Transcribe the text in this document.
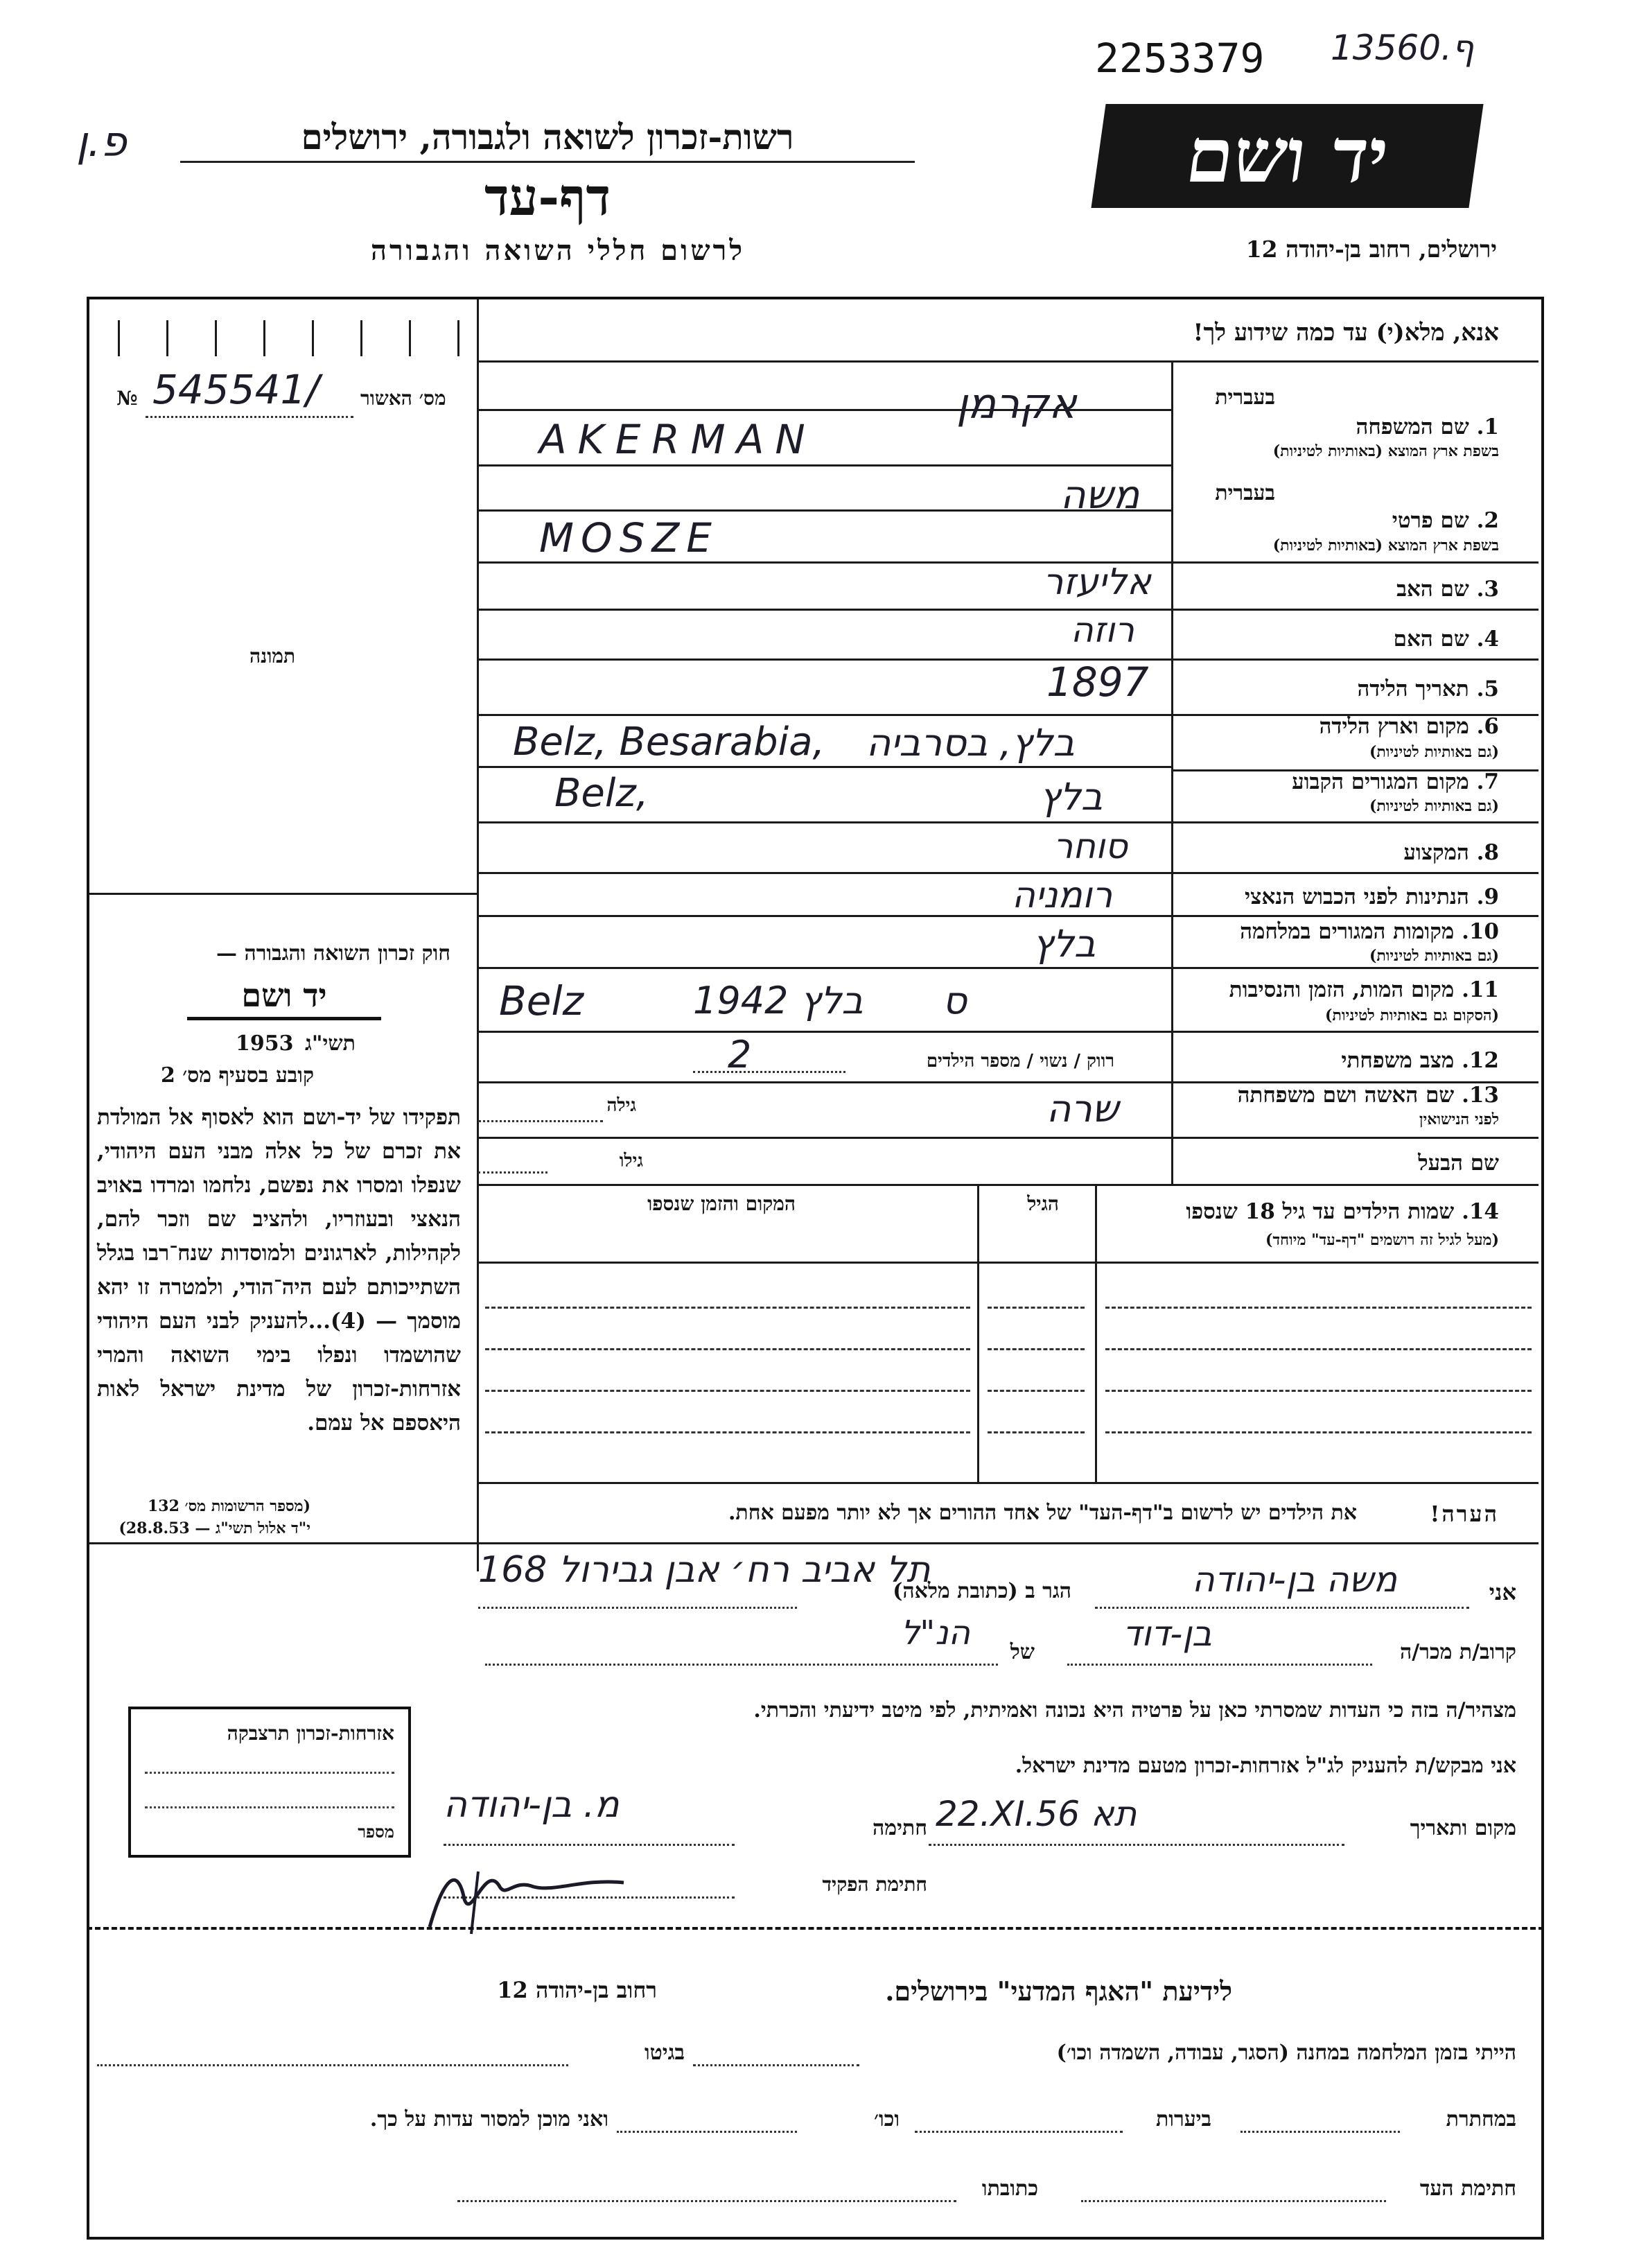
2253379 13ף.560
פ.ן	רשות-זכרון לשואה ולגבורה, ירושלים
דף-עד
לרשום חללי השואה והגבורה
יד ושם
ירושלים, רחוב בן-יהודה 12
מס׳ האשור
№ 545541/
תמונה
חוק זכרון השואה והגבורה —
יד ושם
תשי"ג
1953
קובע בסעיף מס׳ 2
תפקידו של יד-ושם הוא לאסוף אל המולדת את זכרם של כל אלה מבני העם היהודי, שנפלו ומסרו את נפשם, נלחמו ומרדו באויב הנאצי ובעוזריו, ולהציב שם וזכר להם, לקהילות, לארגונים ולמוסדות שנח־רבו בגלל השתייכותם לעם היה־הודי, ולמטרה זו יהא מוסמך — (4)...להעניק לבני העם היהודי שהושמדו ונפלו בימי השואה והמרי אזרחות-זכרון של מדינת ישראל לאות היאספם אל עמם.
(מספר הרשומות מס׳ 132
י"ד אלול תשי"ג — 28.8.53)
אנא, מלא(י) עד כמה שידוע לך!
בעברית
1. שם המשפחה
בשפת ארץ המוצא (באותיות לטיניות)
אקרמן
AKERMAN
בעברית
2. שם פרטי
בשפת ארץ המוצא (באותיות לטיניות)
משה
MOSZE
3. שם האב
אליעזר
4. שם האם
רוזה
5. תאריך הלידה
1897
6. מקום וארץ הלידה
(גם באותיות לטיניות)
בלץ, בסרביה
Belz, Besarabia,
7. מקום המגורים הקבוע
(גם באותיות לטיניות)
בלץ
Belz,
8. המקצוע
סוחר
9. הנתינות לפני הכבוש הנאצי
רומניה
10. מקומות המגורים במלחמה
(גם באותיות לטיניות)
בלץ
11. מקום המות, הזמן והנסיבות
(הסקום גם באותיות לטיניות)
Belz	בלץ 1942 ס
12. מצב משפחתי
רווק / נשוי / מספר הילדים
2
13. שם האשה ושם משפחתה
לפני הנישואין
גילה	שרה
שם הבעל
גילו
14. שמות הילדים עד גיל 18 שנספו
(מעל לגיל זה רושמים "דף-עד" מיוחד)
הגיל
המקום והזמן שנספו
הערה!
את הילדים יש לרשום ב"דף-העד" של אחד ההורים אך לא יותר מפעם אחת.
אני
משה בן-יהודה
הגר ב (כתובת מלאה)
תל אביב רח׳ אבן גבירול 168
קרוב/ת מכר/ה
בן-דוד
של
הנ"ל
מצהיר/ה בזה כי העדות שמסרתי כאן על פרטיה היא נכונה ואמיתית, לפי מיטב ידיעתי והכרתי.
אני מבקש/ת להעניק לג"ל אזרחות-זכרון מטעם מדינת ישראל.
מקום ותאריך
22.XI.56 תא
חתימה
מ. בן-יהודה
חתימת הפקיד
אזרחות-זכרון תרצבקה
מספר
לידיעת "האגף המדעי" בירושלים.
רחוב בן-יהודה 12
הייתי בזמן המלחמה במחנה (הסגר, עבודה, השמדה וכו׳)
בגיטו
במחתרת
ביערות
וכו׳
ואני מוכן למסור עדות על כך.
חתימת העד
כתובתו
